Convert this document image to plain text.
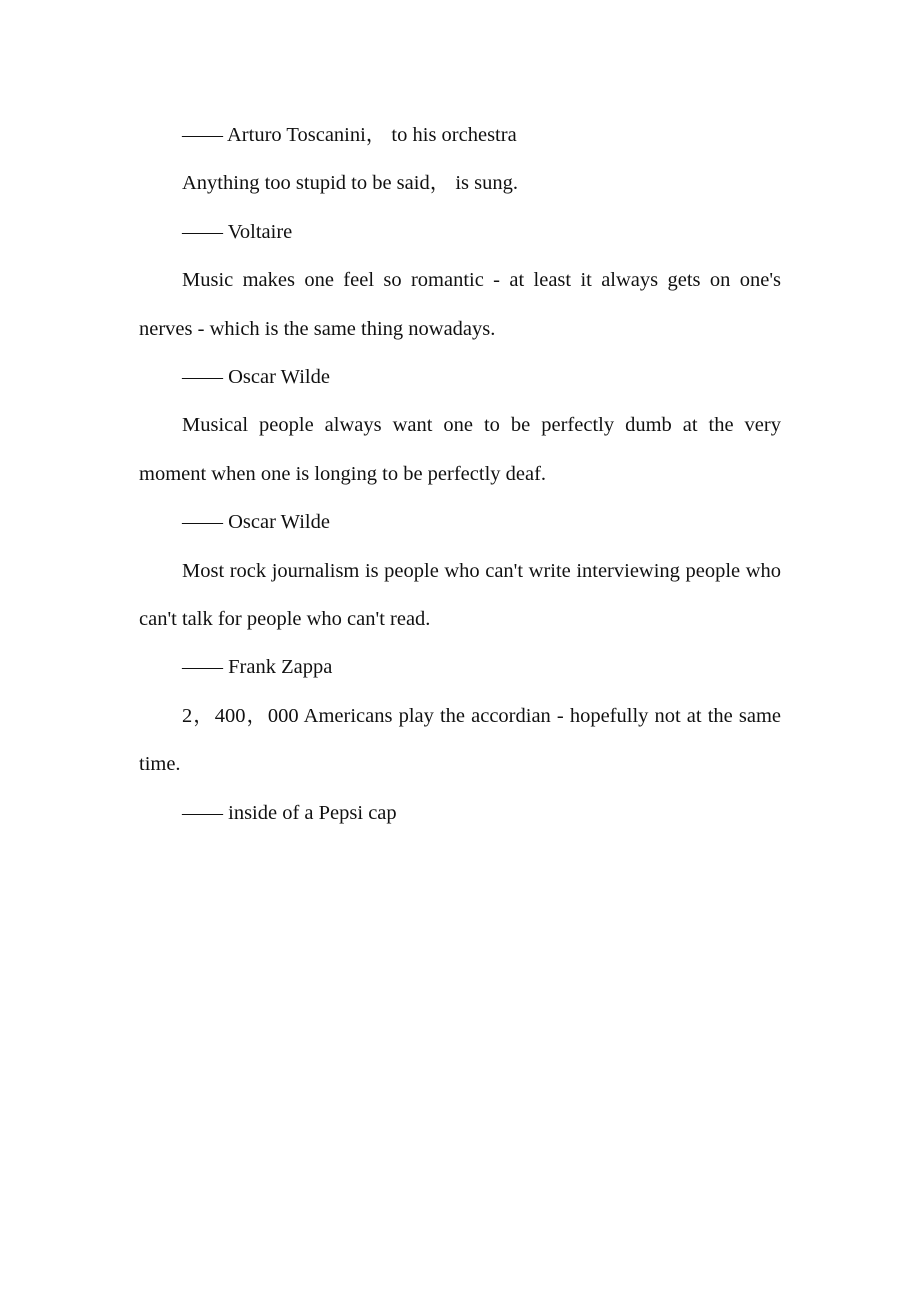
—— Arturo Toscanini， to his orchestra

Anything too stupid to be said， is sung.

—— Voltaire

Music makes one feel so romantic - at least it always gets on one's nerves - which is the same thing nowadays.

—— Oscar Wilde

Musical people always want one to be perfectly dumb at the very moment when one is longing to be perfectly deaf.

—— Oscar Wilde

Most rock journalism is people who can't write interviewing people who can't talk for people who can't read.

—— Frank Zappa

2，400，000 Americans play the accordian - hopefully not at the same time.

—— inside of a Pepsi cap
